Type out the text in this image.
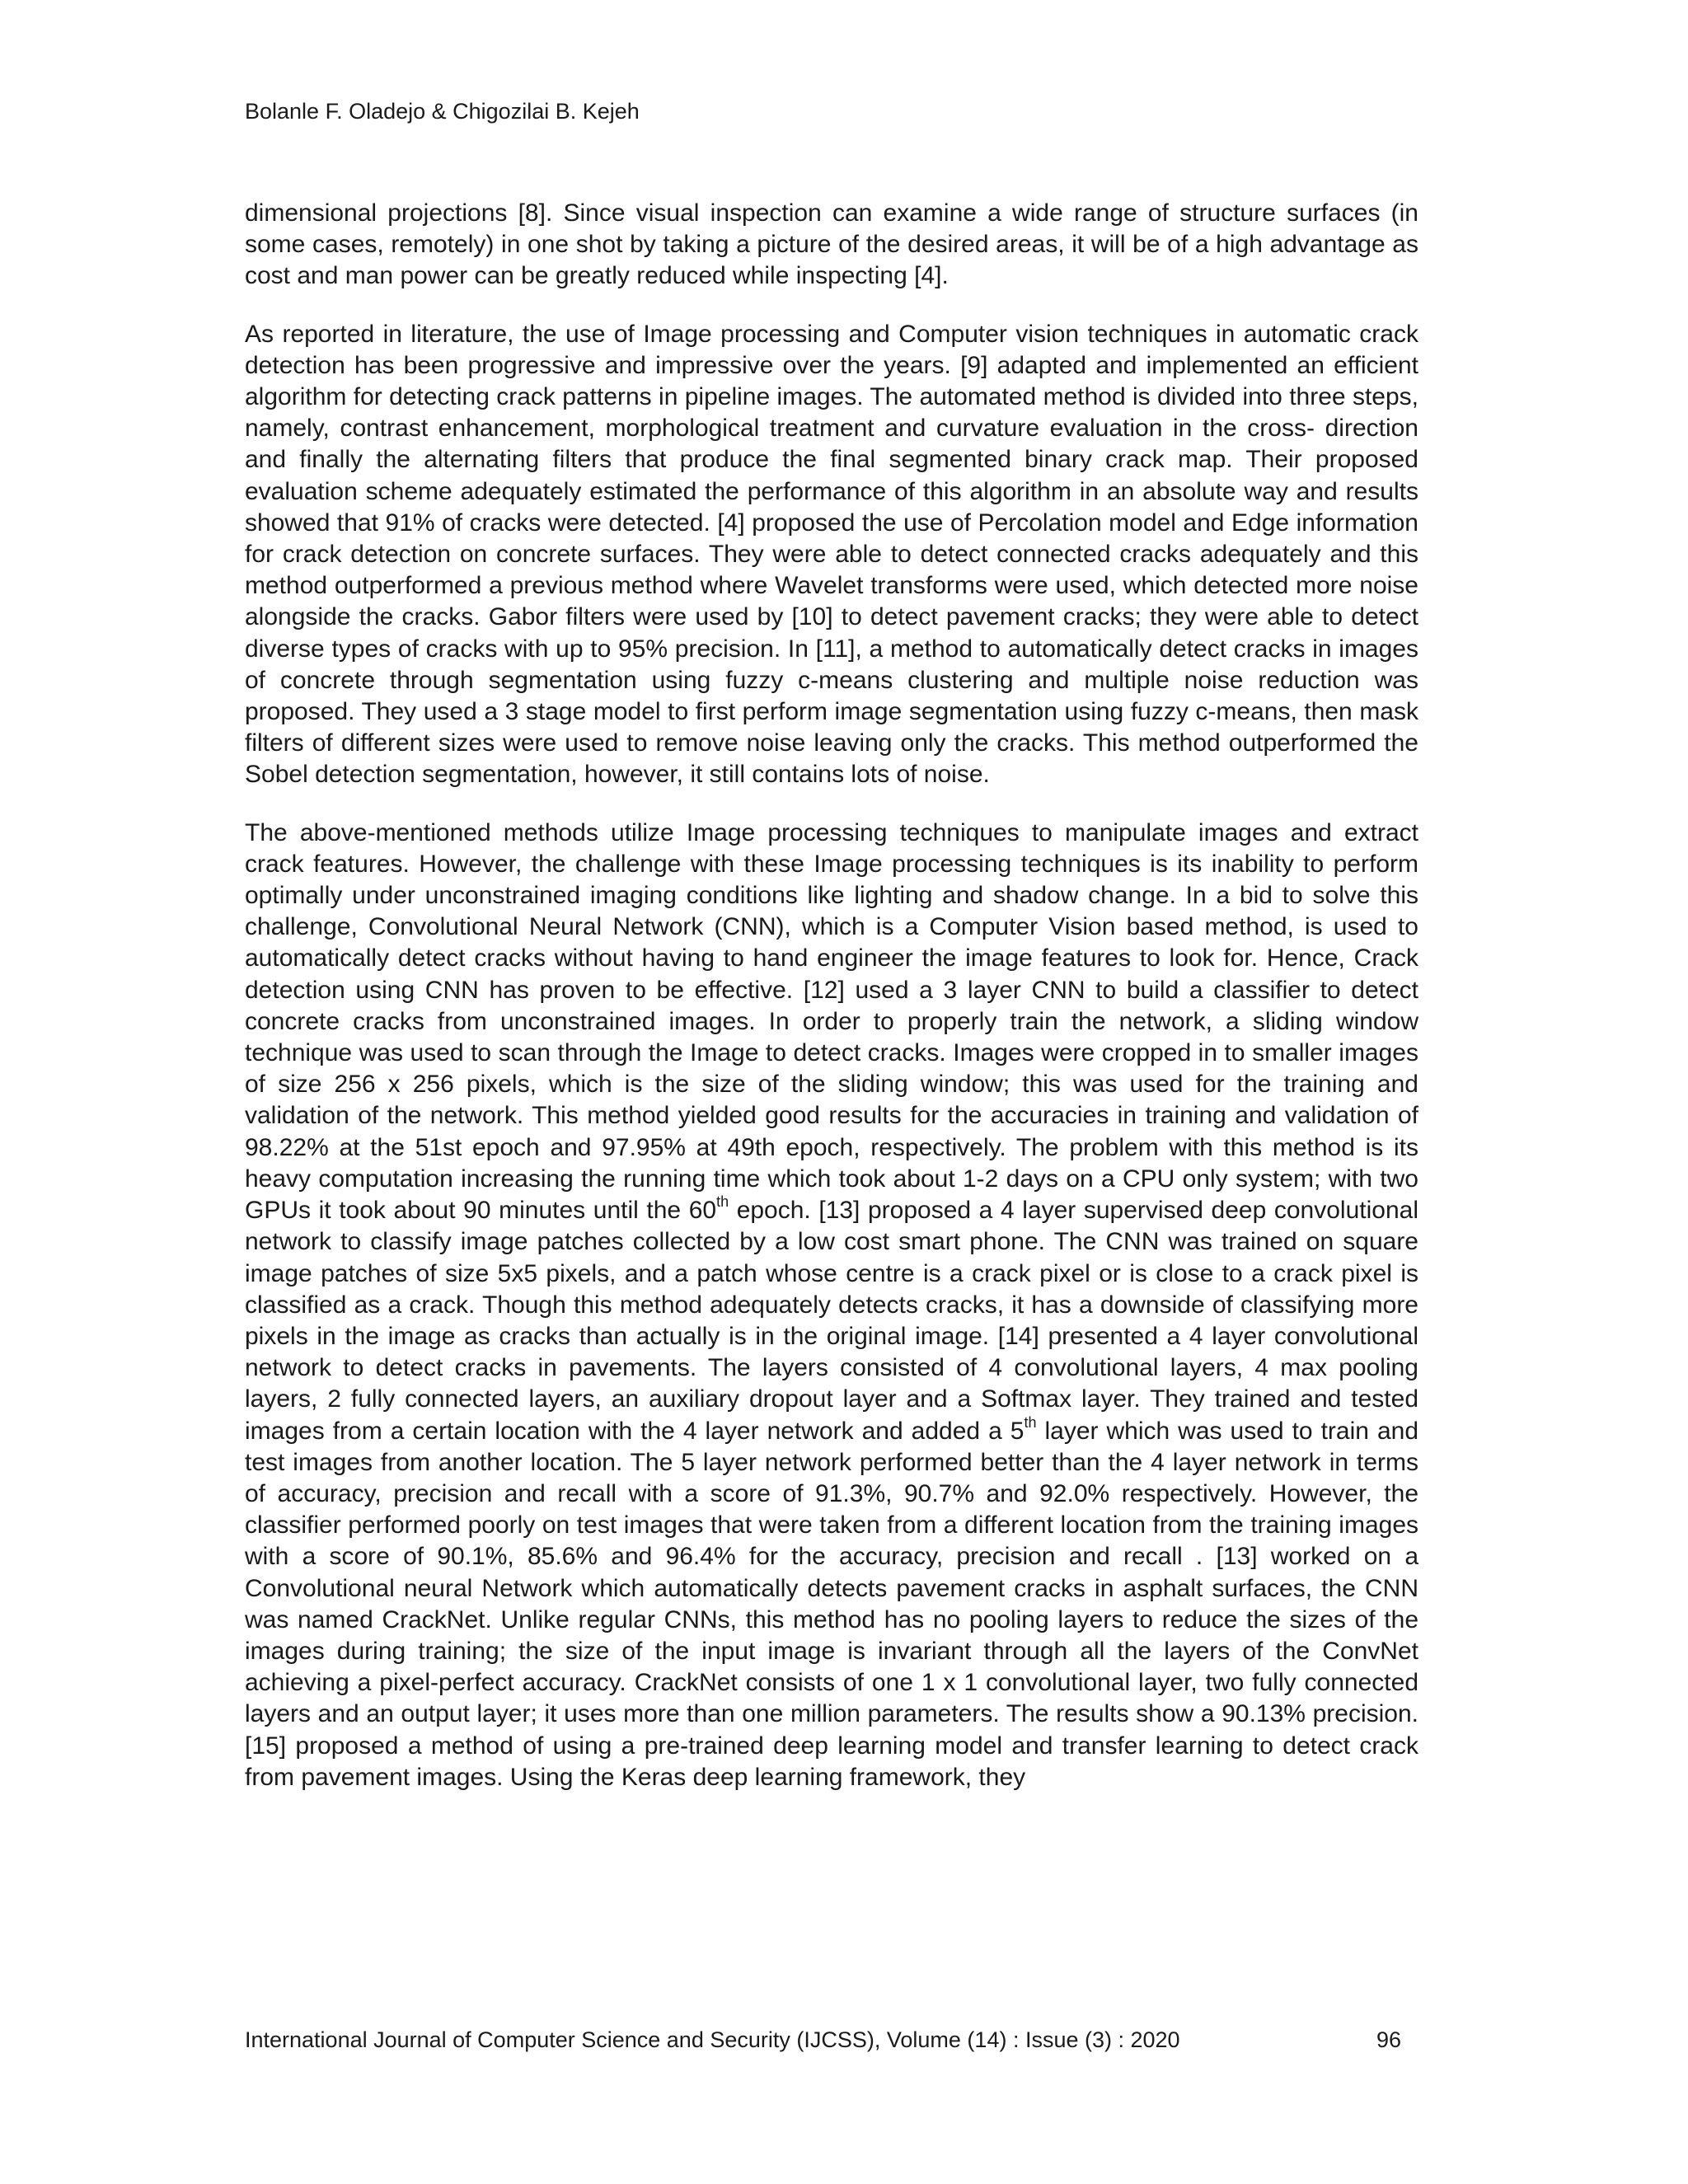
Bolanle F. Oladejo & Chigozilai B. Kejeh

dimensional projections [8]. Since visual inspection can examine a wide range of structure surfaces (in some cases, remotely) in one shot by taking a picture of the desired areas, it will be of a high advantage as cost and man power can be greatly reduced while inspecting [4].

As reported in literature, the use of Image processing and Computer vision techniques in automatic crack detection has been progressive and impressive over the years. [9] adapted and implemented an efficient algorithm for detecting crack patterns in pipeline images. The automated method is divided into three steps, namely, contrast enhancement, morphological treatment and curvature evaluation in the cross- direction and finally the alternating filters that produce the final segmented binary crack map. Their proposed evaluation scheme adequately estimated the performance of this algorithm in an absolute way and results showed that 91% of cracks were detected. [4] proposed the use of Percolation model and Edge information for crack detection on concrete surfaces. They were able to detect connected cracks adequately and this method outperformed a previous method where Wavelet transforms were used, which detected more noise alongside the cracks. Gabor filters were used by [10] to detect pavement cracks; they were able to detect diverse types of cracks with up to 95% precision. In [11], a method to automatically detect cracks in images of concrete through segmentation using fuzzy c-means clustering and multiple noise reduction was proposed. They used a 3 stage model to first perform image segmentation using fuzzy c-means, then mask filters of different sizes were used to remove noise leaving only the cracks. This method outperformed the Sobel detection segmentation, however, it still contains lots of noise.

The above-mentioned methods utilize Image processing techniques to manipulate images and extract crack features. However, the challenge with these Image processing techniques is its inability to perform optimally under unconstrained imaging conditions like lighting and shadow change. In a bid to solve this challenge, Convolutional Neural Network (CNN), which is a Computer Vision based method, is used to automatically detect cracks without having to hand engineer the image features to look for. Hence, Crack detection using CNN has proven to be effective. [12] used a 3 layer CNN to build a classifier to detect concrete cracks from unconstrained images. In order to properly train the network, a sliding window technique was used to scan through the Image to detect cracks. Images were cropped in to smaller images of size 256 x 256 pixels, which is the size of the sliding window; this was used for the training and validation of the network. This method yielded good results for the accuracies in training and validation of 98.22% at the 51st epoch and 97.95% at 49th epoch, respectively. The problem with this method is its heavy computation increasing the running time which took about 1-2 days on a CPU only system; with two GPUs it took about 90 minutes until the 60th epoch. [13] proposed a 4 layer supervised deep convolutional network to classify image patches collected by a low cost smart phone. The CNN was trained on square image patches of size 5x5 pixels, and a patch whose centre is a crack pixel or is close to a crack pixel is classified as a crack. Though this method adequately detects cracks, it has a downside of classifying more pixels in the image as cracks than actually is in the original image. [14] presented a 4 layer convolutional network to detect cracks in pavements. The layers consisted of 4 convolutional layers, 4 max pooling layers, 2 fully connected layers, an auxiliary dropout layer and a Softmax layer. They trained and tested images from a certain location with the 4 layer network and added a 5th layer which was used to train and test images from another location. The 5 layer network performed better than the 4 layer network in terms of accuracy, precision and recall with a score of 91.3%, 90.7% and 92.0% respectively. However, the classifier performed poorly on test images that were taken from a different location from the training images with a score of 90.1%, 85.6% and 96.4% for the accuracy, precision and recall . [13] worked on a Convolutional neural Network which automatically detects pavement cracks in asphalt surfaces, the CNN was named CrackNet. Unlike regular CNNs, this method has no pooling layers to reduce the sizes of the images during training; the size of the input image is invariant through all the layers of the ConvNet achieving a pixel-perfect accuracy. CrackNet consists of one 1 x 1 convolutional layer, two fully connected layers and an output layer; it uses more than one million parameters. The results show a 90.13% precision. [15] proposed a method of using a pre-trained deep learning model and transfer learning to detect crack from pavement images. Using the Keras deep learning framework, they

International Journal of Computer Science and Security (IJCSS), Volume (14) : Issue (3) : 2020	96
